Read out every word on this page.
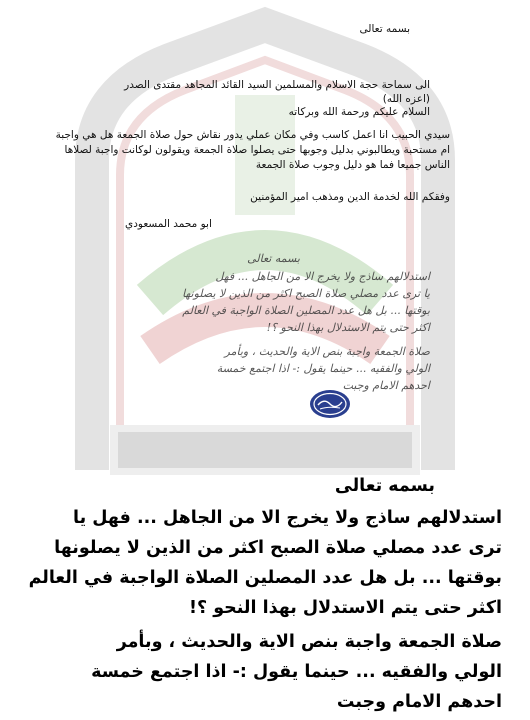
بسمه تعالى
الى سماحة حجة الاسلام والمسلمين السيد القائد المجاهد مقتدى الصدر (اعزه الله)
السلام عليكم ورحمة الله وبركاته
سيدي الحبيب انا اعمل كاسب وفي مكان عملي يدور نقاش حول صلاة الجمعة هل هي واجبة
ام مستحبة ويطالبوني بدليل وجوبها حتى يصلوا صلاة الجمعة ويقولون لوكانت واجبة لصلاها
الناس جميعا فما هو دليل وجوب صلاة الجمعة
وفقكم الله لخدمة الدين ومذهب امير المؤمنين
ابو محمد المسعودي
بسمه تعالى
استدلالهم ساذج ولا يخرج الا من الجاهل ... فهل
يا ترى عدد مصلي صلاة الصبح اكثر من الذين لا يصلونها
بوقتها ... بل هل عدد المصلين الصلاة الواجبة في العالم
اكثر حتى يتم الاستدلال بهذا النحو ؟!
صلاة الجمعة واجبة بنص الاية والحديث ، وبأمر
الولي والفقيه ... حينما يقول :- اذا اجتمع خمسة
احدهم الامام وجبت
بسمه تعالى
استدلالهم ساذج ولا يخرج الا من الجاهل ... فهل يا
ترى عدد مصلي صلاة الصبح اكثر من الذين لا يصلونها
بوقتها ... بل هل عدد المصلين الصلاة الواجبة في العالم
اكثر حتى يتم الاستدلال بهذا النحو ؟!
صلاة الجمعة واجبة بنص الاية والحديث ، وبأمر
الولي والفقيه ... حينما يقول :- اذا اجتمع خمسة
احدهم الامام وجبت
